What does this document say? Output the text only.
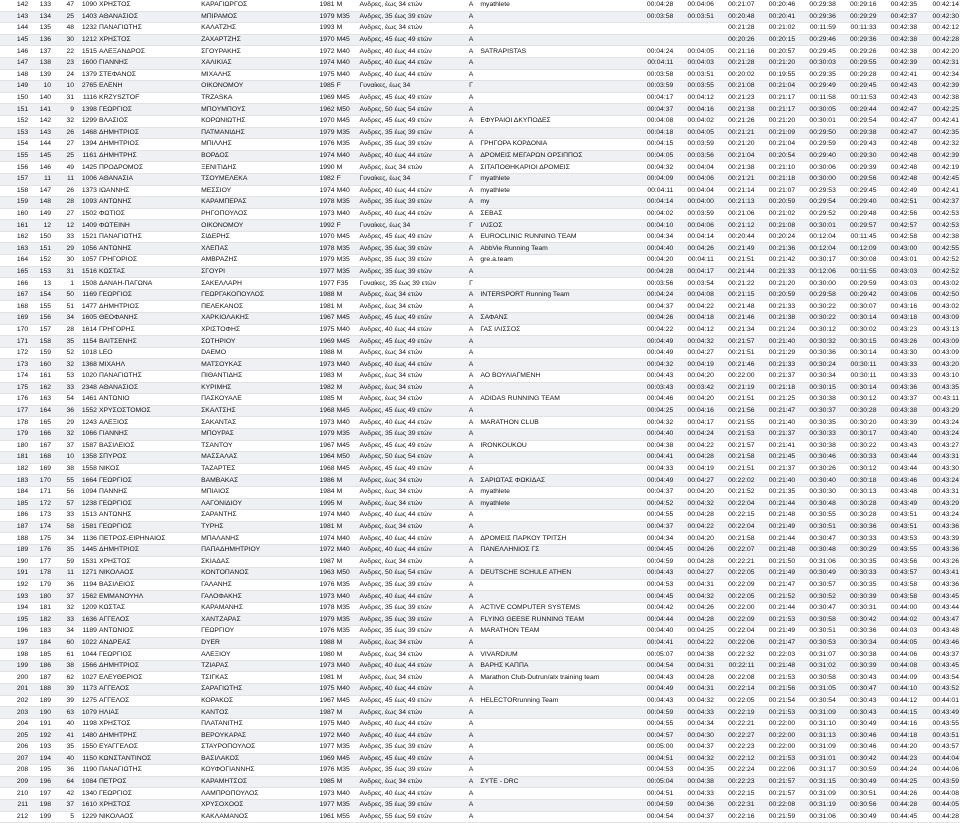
142	133	47	1090	ΧΡΗΣΤΟΣ	ΚΑΡΑΓΙΩΡΓΟΣ	1981	M	Ανδρες, έως 34 ετών	A	myathlete	00:04:28	00:04:06	00:21:07	00:20:46	00:29:38	00:29:16	00:42:35	00:42:14
143	134	25	1403	ΑΘΑΝΑΣΙΟΣ	ΜΠΙΡΑΜΟΣ	1979	M35	Ανδρες, 35 έως 39 ετών	A		00:03:58	00:03:51	00:20:48	00:20:41	00:29:36	00:29:29	00:42:37	00:42:30
144	135	48	1232	ΠΑΝΑΓΙΩΤΗΣ	ΚΑΛΑΤΖΗΣ	1993	M	Ανδρες, έως 34 ετών	A				00:21:28	00:21:02	00:11:59	00:11:33	00:42:38	00:42:12
145	136	30	1212	ΧΡΗΣΤΟΣ	ΖΑΧΑΡΤΖΗΣ	1970	M45	Ανδρες, 45 έως 49 ετών	A				00:20:26	00:20:15	00:29:46	00:29:36	00:42:38	00:42:28
146	137	22	1515	ΑΛΕΞΑΝΔΡΟΣ	ΣΓΟΥΡΑΚΗΣ	1972	M40	Ανδρες, 40 έως 44 ετών	A	SATRAPISTAS	00:04:24	00:04:05	00:21:16	00:20:57	00:29:45	00:29:26	00:42:38	00:42:20
147	138	23	1600	ΓΙΑΝΝΗΣ	ΧΑΛΙΚΙΑΣ	1974	M40	Ανδρες, 40 έως 44 ετών	A		00:04:11	00:04:03	00:21:28	00:21:20	00:30:03	00:29:55	00:42:39	00:42:31
148	139	24	1379	ΣΤΕΦΑΝΟΣ	ΜΙΧΑΛΗΣ	1975	M40	Ανδρες, 40 έως 44 ετών	A		00:03:58	00:03:51	00:20:02	00:19:55	00:29:35	00:29:28	00:42:41	00:42:34
149	10	10	2765	ΕΛΕΝΗ	ΟΙΚΟΝΟΜΟΥ	1985	F	Γυναίκες, έως 34	Γ		00:03:59	00:03:55	00:21:08	00:21:04	00:29:49	00:29:45	00:42:43	00:42:39
150	140	31	1116	KRZYSZTOF	TRZASKA	1969	M45	Ανδρες, 45 έως 49 ετών	A		00:04:17	00:04:12	00:21:23	00:21:17	00:11:58	00:11:53	00:42:43	00:42:38
151	141	9	1398	ΓΕΩΡΓΙΟΣ	ΜΠΟΥΜΠΟΥΣ	1962	M50	Ανδρες, 50 έως 54 ετών	A		00:04:37	00:04:16	00:21:38	00:21:17	00:30:05	00:29:44	00:42:47	00:42:25
152	142	32	1299	ΒΛΑΣΙΟΣ	ΚΟΡΩΝΙΩΤΗΣ	1970	M45	Ανδρες, 45 έως 49 ετών	A	ΕΦΥΡΑΙΟΙ ΔΚΥΠΟΔΕΣ	00:04:08	00:04:02	00:21:26	00:21:20	00:30:01	00:29:54	00:42:47	00:42:41
153	143	26	1468	ΔΗΜΗΤΡΙΟΣ	ΠΑΤΜΑΝΙΔΗΣ	1979	M35	Ανδρες, 35 έως 39 ετών	A		00:04:18	00:04:05	00:21:21	00:21:09	00:29:50	00:29:38	00:42:47	00:42:35
154	144	27	1394	ΔΗΜΗΤΡΙΟΣ	ΜΠΙΛΛΗΣ	1976	M35	Ανδρες, 35 έως 39 ετών	A	ΓΡΗΓΟΡΑ ΚΟΡΔΟΝΙΑ	00:04:15	00:03:59	00:21:20	00:21:04	00:29:59	00:29:43	00:42:48	00:42:32
155	145	25	1161	ΔΗΜΗΤΡΗΣ	ΒΟΡΔΟΣ	1974	M40	Ανδρες, 40 έως 44 ετών	A	ΔΡΟΜΕΙΣ ΜΕΓΑΡΩΝ ΟΡΣΙΠΠΟΣ	00:04:05	00:03:56	00:21:04	00:20:54	00:29:40	00:29:30	00:42:48	00:42:39
156	146	49	1425	ΠΡΟΔΡΟΜΟΣ	ΞΕΝΙΤΙΔΗΣ	1990	M	Ανδρες, έως 34 ετών	A	ΣΙΤΑΠΟΘΗΚΑΡΙΟΙ ΔΡΟΜΕΙΣ	00:04:32	00:04:04	00:21:38	00:21:10	00:30:06	00:29:39	00:42:48	00:42:19
157	11	11	1006	ΑΘΑΝΑΣΙΑ	ΤΣΟΥΜΕΛΕΚΑ	1982	F	Γυναίκες, έως 34	Γ	myathlete	00:04:09	00:04:06	00:21:21	00:21:18	00:30:00	00:29:56	00:42:48	00:42:45
158	147	26	1373	ΙΩΑΝΝΗΣ	ΜΕΣΣΙΟΥ	1974	M40	Ανδρες, 40 έως 44 ετών	A	myathlete	00:04:11	00:04:04	00:21:14	00:21:07	00:29:53	00:29:45	00:42:49	00:42:41
159	148	28	1093	ΑΝΤΩΝΗΣ	ΚΑΡΑΜΠΕΡΑΣ	1978	M35	Ανδρες, 35 έως 39 ετών	A	my	00:04:14	00:04:00	00:21:13	00:20:59	00:29:54	00:29:40	00:42:51	00:42:37
160	149	27	1502	ΦΩΤΙΟΣ	ΡΗΓΟΠΟΥΛΟΣ	1973	M40	Ανδρες, 40 έως 44 ετών	A	ΣΕΒΑΣ	00:04:02	00:03:59	00:21:06	00:21:02	00:29:52	00:29:48	00:42:56	00:42:53
161	12	12	1409	ΦΩΤΕΙΝΗ	ΟΙΚΟΝΟΜΟΥ	1992	F	Γυναίκες, έως 34	Γ	ΙΛΙΣΟΣ	00:04:10	00:04:06	00:21:12	00:21:08	00:30:01	00:29:57	00:42:57	00:42:53
162	150	33	1521	ΠΑΝΑΓΙΩΤΗΣ	ΣΙΔΕΡΗΣ	1970	M45	Ανδρες, 45 έως 49 ετών	A	EUROCLINIC RUNNING TEAM	00:04:34	00:04:14	00:20:44	00:20:24	00:12:04	00:11:45	00:42:58	00:42:38
163	151	29	1056	ΑΝΤΩΝΗΣ	ΧΛΕΠΑΣ	1978	M35	Ανδρες, 35 έως 39 ετών	A	AbbVie Running Team	00:04:40	00:04:26	00:21:49	00:21:36	00:12:04	00:12:09	00:43:00	00:42:55
164	152	30	1057	ΓΡΗΓΟΡΙΟΣ	ΑΜΒΡΑΖΗΣ	1979	M35	Ανδρες, 35 έως 39 ετών	A	gre.a.team	00:04:20	00:04:11	00:21:51	00:21:42	00:30:17	00:30:08	00:43:01	00:42:52
165	153	31	1516	ΚΩΣΤΑΣ	ΣΓΟΥΡΙ	1977	M35	Ανδρες, 35 έως 39 ετών	A		00:04:28	00:04:17	00:21:44	00:21:33	00:12:06	00:11:55	00:43:03	00:42:52
166	13	1	1508	ΔΑΝΑΗ-ΠΑΓΩΝΑ	ΣΑΚΕΛΛΑΡΗ	1977	F35	Γυναίκες, 35 έως 39 ετών	Γ		00:03:56	00:03:54	00:21:22	00:21:20	00:30:00	00:29:59	00:43:03	00:43:02
167	154	50	1169	ΓΕΩΡΓΙΟΣ	ΓΕΩΡΓΑΚΟΠΟΥΛΟΣ	1988	M	Ανδρες, έως 34 ετών	A	INTERSPORT Running Team	00:04:24	00:04:08	00:21:15	00:20:59	00:29:58	00:29:42	00:43:06	00:42:50
168	155	51	1477	ΔΗΜΗΤΡΙΟΣ	ΠΕΛΕΚΑΝΟΣ	1981	M	Ανδρες, έως 34 ετών	A		00:04:37	00:04:22	00:21:48	00:21:33	00:30:22	00:30:07	00:43:16	00:43:02
169	156	34	1605	ΘΕΟΦΑΝΗΣ	ΧΑΡΚΙΟΛΑΚΗΣ	1967	M45	Ανδρες, 45 έως 49 ετών	A	ΣΑΦΑΝΣ	00:04:26	00:04:18	00:21:46	00:21:38	00:30:22	00:30:14	00:43:18	00:43:09
170	157	28	1614	ΓΡΗΓΟΡΗΣ	ΧΡΙΣΤΟΦΗΣ	1975	M40	Ανδρες, 40 έως 44 ετών	A	ΓΑΣ ΙΛΙΣΣΟΣ	00:04:22	00:04:12	00:21:34	00:21:24	00:30:12	00:30:02	00:43:23	00:43:13
171	158	35	1154	ΒΑΙΤΣΕΝΗΣ	ΣΩΤΗΡΙΟΥ	1969	M45	Ανδρες, 45 έως 49 ετών	A		00:04:49	00:04:32	00:21:57	00:21:40	00:30:32	00:30:15	00:43:26	00:43:09
172	159	52	1018	LEO	DAEMO	1988	M	Ανδρες, έως 34 ετών	A		00:04:49	00:04:27	00:21:51	00:21:29	00:30:36	00:30:14	00:43:30	00:43:09
173	160	32	1368	ΜΙΧΑΗΛ	ΜΑΤΣΟΥΚΑΣ	1973	M40	Ανδρες, 40 έως 44 ετών	A		00:04:32	00:04:19	00:21:46	00:21:33	00:30:24	00:30:11	00:43:33	00:43:20
174	161	53	1020	ΠΑΝΑΓΙΩΤΗΣ	ΠΙΘΑΝΤΙΔΗΣ	1983	M	Ανδρες, έως 34 ετών	A	ΑΟ ΒΟΥΛΙΑΓΜΕΝΗ	00:04:43	00:04:20	00:22:00	00:21:37	00:30:34	00:30:11	00:43:33	00:43:10
175	162	33	2348	ΑΘΑΝΑΣΙΟΣ	ΚΥΡΙΜΗΣ	1982	M	Ανδρες, έως 34 ετών	A		00:03:43	00:03:42	00:21:19	00:21:18	00:30:15	00:30:14	00:43:36	00:43:35
176	163	54	1461	ΑΝΤΩΝΙΟ	ΠΑΣΚΟΥΑΛΕ	1985	M	Ανδρες, έως 34 ετών	A	ADIDAS RUNNING TEAM	00:04:46	00:04:20	00:21:51	00:21:25	00:30:38	00:30:12	00:43:37	00:43:11
177	164	36	1552	ΧΡΥΣΟΣΤΟΜΟΣ	ΣΚΑΛΤΣΗΣ	1968	M45	Ανδρες, 45 έως 49 ετών	A		00:04:25	00:04:16	00:21:56	00:21:47	00:30:37	00:30:28	00:43:38	00:43:29
178	165	29	1243	ΑΛΕΞΙΟΣ	ΣΑΚΑΝΤΑΣ	1973	M40	Ανδρες, 40 έως 44 ετών	A	MARATHON CLUB	00:04:32	00:04:17	00:21:55	00:21:40	00:30:35	00:30:20	00:43:39	00:43:24
179	166	32	1066	ΓΙΑΝΝΗΣ	ΜΠΟΥΡΑΣ	1979	M35	Ανδρες, 35 έως 39 ετών	A		00:04:40	00:04:24	00:21:53	00:21:37	00:30:33	00:30:17	00:43:40	00:43:24
180	167	37	1587	ΒΑΣΙΛΕΙΟΣ	ΤΣΑΝΤΟΥ	1967	M45	Ανδρες, 45 έως 49 ετών	A	IRONKOUKOU	00:04:38	00:04:22	00:21:57	00:21:41	00:30:38	00:30:22	00:43:43	00:43:27
181	168	10	1358	ΣΠΥΡΟΣ	ΜΑΣΣΑΛΑΣ	1964	M50	Ανδρες, 50 έως 54 ετών	A		00:04:41	00:04:28	00:21:58	00:21:45	00:30:46	00:30:33	00:43:44	00:43:31
182	169	38	1558	ΝΙΚΟΣ	ΤΑΖΑΡΤΕΣ	1968	M45	Ανδρες, 45 έως 49 ετών	A		00:04:33	00:04:19	00:21:51	00:21:37	00:30:26	00:30:12	00:43:44	00:43:30
183	170	55	1664	ΓΕΩΡΓΙΟΣ	ΒΑΜΒΑΚΑΣ	1986	M	Ανδρες, έως 34 ετών	A	ΣΑΡΙΩΤΑΣ ΦΩΚΙΔΑΣ	00:04:49	00:04:27	00:22:02	00:21:40	00:30:40	00:30:18	00:43:46	00:43:24
184	171	56	1094	ΠΑΝΝΗΣ	ΜΠΙΑΙΟΣ	1984	M	Ανδρες, έως 34 ετών	A	myathlete	00:04:37	00:04:20	00:21:52	00:21:35	00:30:30	00:30:13	00:43:48	00:43:31
185	172	57	1238	ΓΕΩΡΓΙΟΣ	ΛΑΓΟΝΙΔΙΟΥ	1995	M	Ανδρες, έως 34 ετών	A	myathlete	00:04:52	00:04:32	00:22:04	00:21:44	00:30:48	00:30:28	00:43:49	00:43:29
186	173	33	1513	ΑΝΤΩΝΗΣ	ΣΑΡΑΝΤΗΣ	1974	M40	Ανδρες, 40 έως 44 ετών	A		00:04:55	00:04:28	00:22:15	00:21:48	00:30:55	00:30:28	00:43:51	00:43:24
187	174	58	1581	ΓΕΩΡΓΙΟΣ	ΤΥΡΗΣ	1981	M	Ανδρες, έως 34 ετών	A		00:04:37	00:04:22	00:22:04	00:21:49	00:30:51	00:30:36	00:43:51	00:43:36
188	175	34	1136	ΠΕΤΡΟΣ-ΕΙΡΗΝΑΙΟΣ	ΜΠΑΛΑΝΗΣ	1974	M40	Ανδρες, 40 έως 44 ετών	A	ΔΡΟΜΕΙΣ ΠΑΡΚΟΥ ΤΡΙΤΣΗ	00:04:34	00:04:20	00:21:58	00:21:44	00:30:47	00:30:33	00:43:53	00:43:39
189	176	35	1445	ΔΗΜΗΤΡΙΟΣ	ΠΑΠΑΔΗΜΗΤΡΙΟΥ	1972	M40	Ανδρες, 40 έως 44 ετών	A	ΠΑΝΕΛΛΗΝΙΟΣ ΓΣ	00:04:45	00:04:26	00:22:07	00:21:48	00:30:48	00:30:29	00:43:55	00:43:36
190	177	59	1531	ΧΡΗΣΤΟΣ	ΣΚΙΑΔΑΣ	1987	M	Ανδρες, έως 34 ετών	A		00:04:59	00:04:28	00:22:21	00:21:50	00:31:06	00:30:35	00:43:56	00:43:26
191	178	11	1271	ΝΙΚΟΛΑΟΣ	ΚΟΝΤΟΠΑΝΟΣ	1963	M50	Ανδρες, 50 έως 54 ετών	A	DEUTSCHE SCHULE ATHEN	00:04:43	00:04:27	00:22:05	00:21:49	00:30:49	00:30:33	00:43:57	00:43:41
192	179	36	1194	ΒΑΣΙΛΕΙΟΣ	ΓΑΛΑΝΗΣ	1976	M35	Ανδρες, 35 έως 39 ετών	A		00:04:53	00:04:31	00:22:09	00:21:47	00:30:57	00:30:35	00:43:58	00:43:36
193	180	37	1562	ΕΜΜΑΝΟΥΗΛ	ΓΑΛΟΦΑΚΗΣ	1973	M40	Ανδρες, 40 έως 44 ετών	A		00:04:45	00:04:32	00:22:05	00:21:52	00:30:52	00:30:39	00:43:58	00:43:45
194	181	32	1209	ΚΩΣΤΑΣ	ΚΑΡΑΜΑΝΗΣ	1978	M35	Ανδρες, 35 έως 39 ετών	A	ACTIVE COMPUTER SYSTEMS	00:04:42	00:04:26	00:22:00	00:21:44	00:30:47	00:30:31	00:44:00	00:43:44
195	182	33	1636	ΑΓΓΕΛΟΣ	ΧΑΝΤΖΑΡΑΣ	1979	M35	Ανδρες, 35 έως 39 ετών	A	FLYING GEESE RUNNING TEAM	00:04:44	00:04:28	00:22:09	00:21:53	00:30:58	00:30:42	00:44:02	00:43:47
196	183	34	1189	ΑΝΤΩΝΙΟΣ	ΓΕΩΡΓΙΟΥ	1976	M35	Ανδρες, 35 έως 39 ετών	A	MARATHON TEAM	00:04:40	00:04:25	00:22:04	00:21:49	00:30:51	00:30:36	00:44:03	00:43:48
197	184	60	1022	ΑΝΔΡΕΑΣ	DYER	1988	M	Ανδρες, έως 34 ετών	A		00:04:41	00:04:22	00:22:06	00:21:47	00:30:53	00:30:34	00:44:05	00:43:46
198	185	61	1044	ΓΕΩΡΓΙΟΣ	ΑΛΕΞΙΟΥ	1980	M	Ανδρες, έως 34 ετών	A	VIVARDIUM	00:05:07	00:04:38	00:22:32	00:22:03	00:31:07	00:30:38	00:44:06	00:43:37
199	186	38	1566	ΔΗΜΗΤΡΙΟΣ	ΤΖΙΑΡΑΣ	1973	M40	Ανδρες, 40 έως 44 ετών	A	ΒΑΡΗΣ ΚΑΠΠΑ	00:04:54	00:04:31	00:22:11	00:21:48	00:31:02	00:30:39	00:44:08	00:43:45
200	187	62	1027	ΕΛΕΥΘΕΡΙΟΣ	ΤΣΙΓΚΑΣ	1981	M	Ανδρες, έως 34 ετών	A	Marathon Club-Dutrun/alx training team	00:04:43	00:04:28	00:22:08	00:21:53	00:30:58	00:30:43	00:44:09	00:43:54
201	188	39	1173	ΑΓΓΕΛΟΣ	ΣΑΡΑΓΙΩΤΗΣ	1975	M40	Ανδρες, 40 έως 44 ετών	A		00:04:49	00:04:31	00:22:14	00:21:56	00:31:05	00:30:47	00:44:10	00:43:52
202	189	39	1275	ΑΓΓΕΛΟΣ	ΚΟΡΑΚΟΣ	1967	M45	Ανδρες, 45 έως 49 ετών	A	HELECTORrunning Team	00:04:43	00:04:32	00:22:05	00:21:54	00:30:54	00:30:43	00:44:12	00:44:01
203	190	63	1079	ΗΛΙΑΣ	ΚΑΝΤΟΣ	1987	M	Ανδρες, έως 34 ετών	A		00:04:59	00:04:33	00:22:19	00:21:53	00:31:09	00:30:43	00:44:15	00:43:49
204	191	40	1198	ΧΡΗΣΤΟΣ	ΠΛΑΤΑΝΙΤΗΣ	1975	M40	Ανδρες, 40 έως 44 ετών	A		00:04:55	00:04:34	00:22:21	00:22:00	00:31:10	00:30:49	00:44:16	00:43:55
205	192	41	1480	ΔΗΜΗΤΡΗΣ	ΒΕΡΟΥΚΑΡΑΣ	1972	M40	Ανδρες, 40 έως 44 ετών	A		00:04:57	00:04:30	00:22:27	00:22:00	00:31:13	00:30:46	00:44:18	00:43:51
206	193	35	1550	ΕΥΑΓΓΕΛΟΣ	ΣΤΑΥΡΟΠΟΥΛΟΣ	1977	M35	Ανδρες, 35 έως 39 ετών	A		00:05:00	00:04:37	00:22:23	00:22:00	00:31:09	00:30:46	00:44:20	00:43:57
207	194	40	1150	ΚΩΝΣΤΑΝΤΙΝΟΣ	ΒΑΣΙΛΑΚΟΣ	1969	M45	Ανδρες, 45 έως 49 ετών	A		00:04:51	00:04:32	00:22:12	00:21:53	00:31:01	00:30:42	00:44:23	00:44:04
208	195	36	1190	ΠΑΝΑΓΙΩΤΗΣ	ΚΟΥΦΟΓΙΑΝΝΗΣ	1976	M35	Ανδρες, 35 έως 39 ετών	A		00:04:53	00:04:35	00:22:24	00:22:06	00:31:17	00:30:59	00:44:24	00:44:06
209	196	64	1084	ΠΕΤΡΟΣ	ΚΑΡΑΜΗΤΣΟΣ	1985	M	Ανδρες, έως 34 ετών	A	ΣΥΤΕ - DRC	00:05:04	00:04:38	00:22:23	00:21:57	00:31:15	00:30:49	00:44:25	00:43:59
210	197	42	1340	ΓΕΩΡΓΙΟΣ	ΛΑΜΠΡΟΠΟΥΛΟΣ	1973	M40	Ανδρες, 40 έως 44 ετών	A		00:04:51	00:04:33	00:22:15	00:21:57	00:31:09	00:30:51	00:44:26	00:44:08
211	198	37	1610	ΧΡΗΣΤΟΣ	ΧΡΥΣΟΧΟΟΣ	1977	M35	Ανδρες, 35 έως 39 ετών	A		00:04:59	00:04:36	00:22:31	00:22:08	00:31:19	00:30:56	00:44:28	00:44:05
212	199	5	1229	ΝΙΚΟΛΑΟΣ	ΚΑΚΛΑΜΑΝΟΣ	1961	M55	Ανδρες, 55 έως 59 ετών	A		00:04:54	00:04:37	00:22:16	00:21:59	00:31:06	00:30:49	00:44:45	00:44:28
